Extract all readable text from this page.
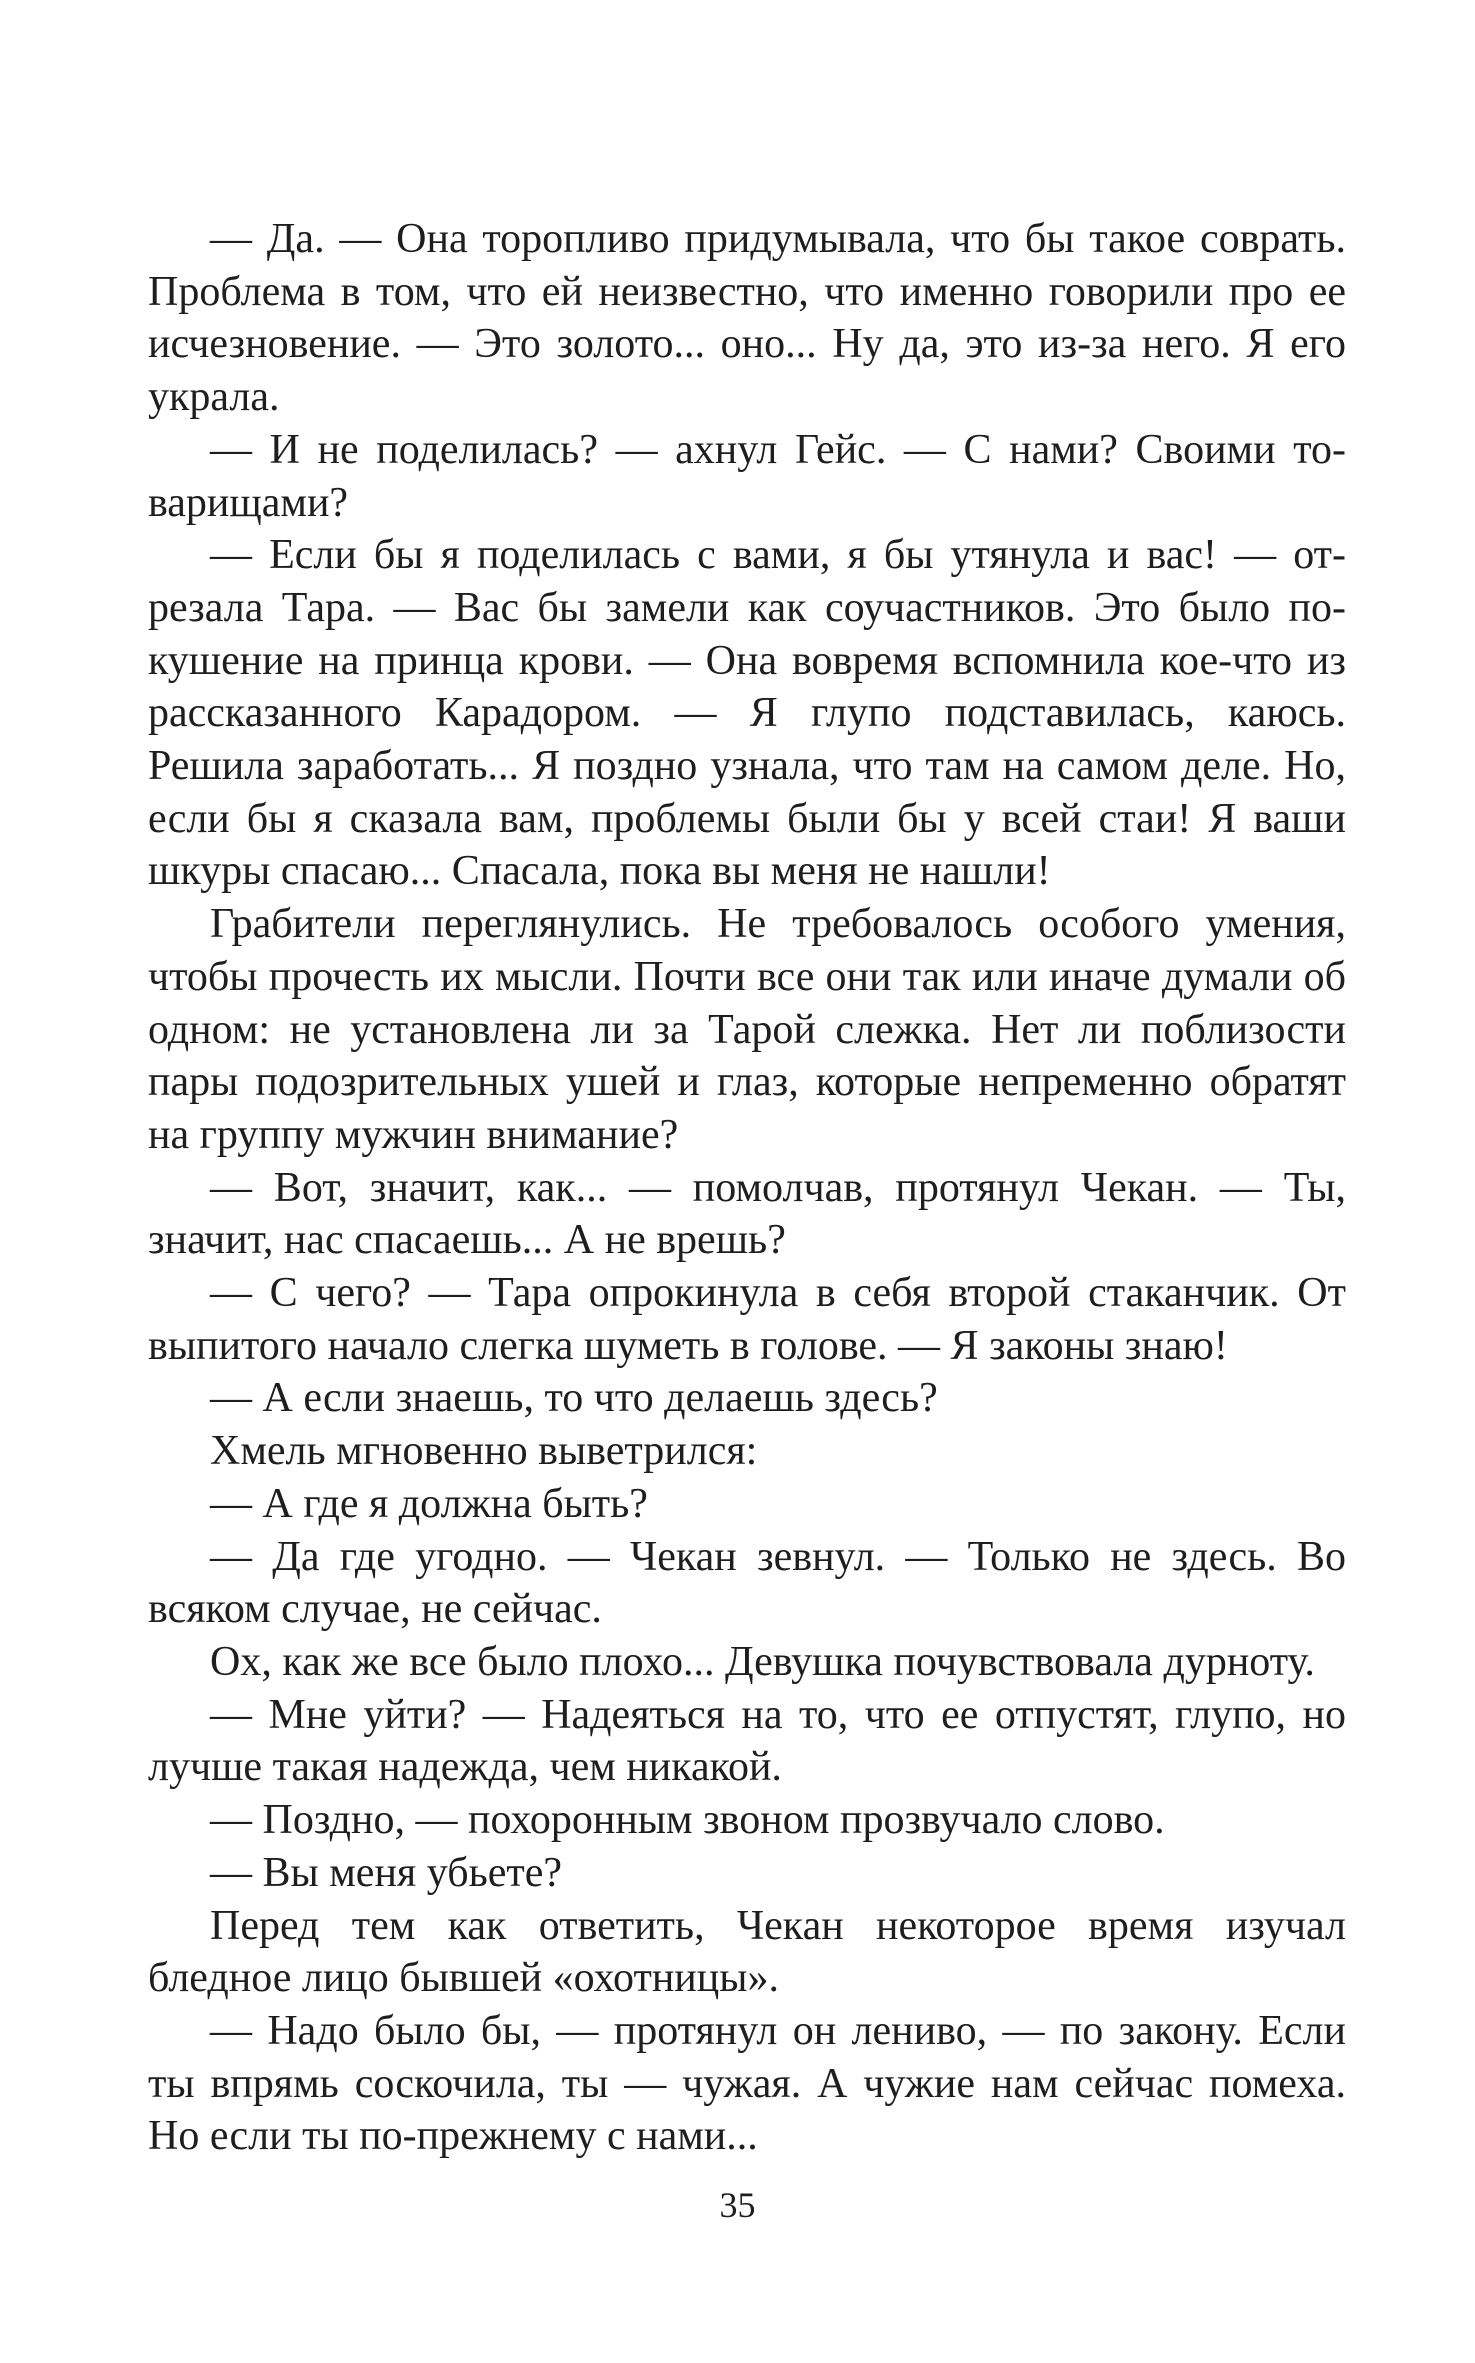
— Да. — Она торопливо придумывала, что бы такое соврать. Проблема в том, что ей неизвестно, что именно говорили про ее исчезновение. — Это золото... оно... Ну да, это из-за него. Я его украла.

— И не поделилась? — ахнул Гейс. — С нами? Своими товарищами?

— Если бы я поделилась с вами, я бы утянула и вас! — отрезала Тара. — Вас бы замели как соучастников. Это было покушение на принца крови. — Она вовремя вспомнила кое-что из рассказанного Карадором. — Я глупо подставилась, каюсь. Решила заработать... Я поздно узнала, что там на самом деле. Но, если бы я сказала вам, проблемы были бы у всей стаи! Я ваши шкуры спасаю... Спасала, пока вы меня не нашли!

Грабители переглянулись. Не требовалось особого умения, чтобы прочесть их мысли. Почти все они так или иначе думали об одном: не установлена ли за Тарой слежка. Нет ли поблизости пары подозрительных ушей и глаз, которые непременно обратят на группу мужчин внимание?

— Вот, значит, как... — помолчав, протянул Чекан. — Ты, значит, нас спасаешь... А не врешь?

— С чего? — Тара опрокинула в себя второй стаканчик. От выпитого начало слегка шуметь в голове. — Я законы знаю!

— А если знаешь, то что делаешь здесь?

Хмель мгновенно выветрился:

— А где я должна быть?

— Да где угодно. — Чекан зевнул. — Только не здесь. Во всяком случае, не сейчас.

Ох, как же все было плохо... Девушка почувствовала дурноту.

— Мне уйти? — Надеяться на то, что ее отпустят, глупо, но лучше такая надежда, чем никакой.

— Поздно, — похоронным звоном прозвучало слово.

— Вы меня убьете?

Перед тем как ответить, Чекан некоторое время изучал бледное лицо бывшей «охотницы».

— Надо было бы, — протянул он лениво, — по закону. Если ты впрямь соскочила, ты — чужая. А чужие нам сейчас помеха. Но если ты по-прежнему с нами...

35
